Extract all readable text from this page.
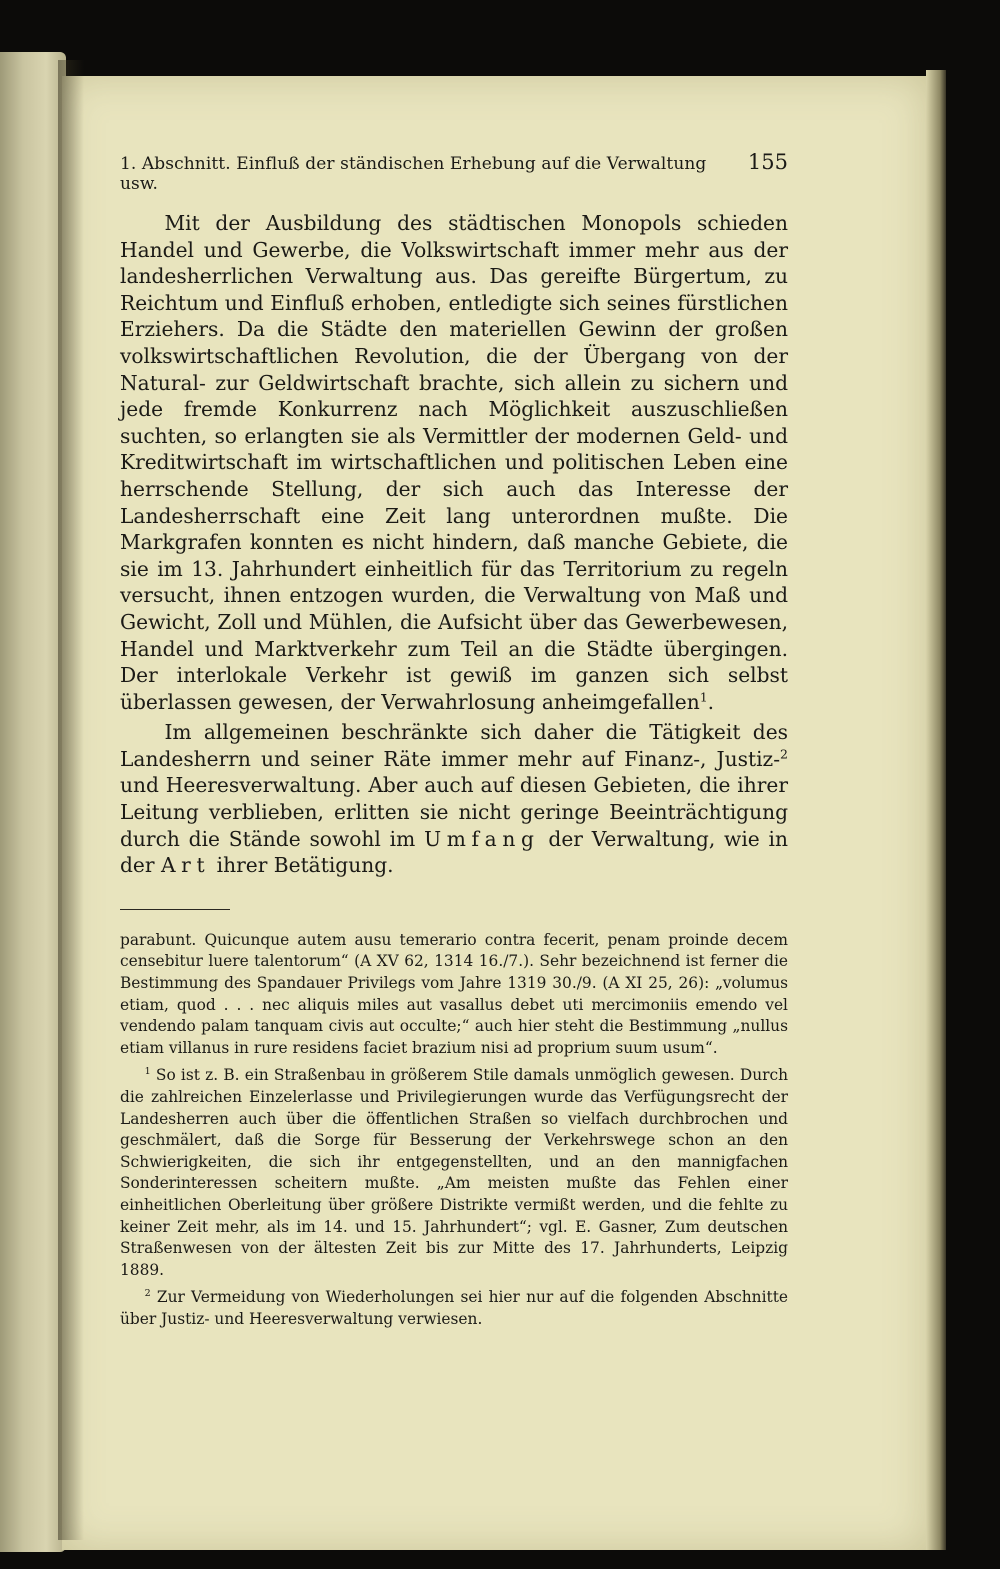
1. Abschnitt. Einfluß der ständischen Erhebung auf die Verwaltung usw.
155

Mit der Ausbildung des städtischen Monopols schieden Handel und Gewerbe, die Volkswirtschaft immer mehr aus der landesherrlichen Verwaltung aus. Das gereifte Bürgertum, zu Reichtum und Einfluß erhoben, entledigte sich seines fürstlichen Erziehers. Da die Städte den materiellen Gewinn der großen volkswirtschaftlichen Revolution, die der Übergang von der Natural- zur Geldwirtschaft brachte, sich allein zu sichern und jede fremde Konkurrenz nach Möglichkeit auszuschließen suchten, so erlangten sie als Vermittler der modernen Geld- und Kreditwirtschaft im wirtschaftlichen und politischen Leben eine herrschende Stellung, der sich auch das Interesse der Landesherrschaft eine Zeit lang unterordnen mußte. Die Markgrafen konnten es nicht hindern, daß manche Gebiete, die sie im 13. Jahrhundert einheitlich für das Territorium zu regeln versucht, ihnen entzogen wurden, die Verwaltung von Maß und Gewicht, Zoll und Mühlen, die Aufsicht über das Gewerbewesen, Handel und Marktverkehr zum Teil an die Städte übergingen. Der interlokale Verkehr ist gewiß im ganzen sich selbst überlassen gewesen, der Verwahrlosung anheimgefallen$^1$.

Im allgemeinen beschränkte sich daher die Tätigkeit des Landesherrn und seiner Räte immer mehr auf Finanz-, Justiz-$^2$ und Heeresverwaltung. Aber auch auf diesen Gebieten, die ihrer Leitung verblieben, erlitten sie nicht geringe Beeinträchtigung durch die Stände sowohl im Umfang der Verwaltung, wie in der Art ihrer Betätigung.

parabunt. Quicunque autem ausu temerario contra fecerit, penam proinde decem censebitur luere talentorum“ (A XV 62, 1314 16./7.). Sehr bezeichnend ist ferner die Bestimmung des Spandauer Privilegs vom Jahre 1319 30./9. (A XI 25, 26): „volumus etiam, quod . . . nec aliquis miles aut vasallus debet uti mercimoniis emendo vel vendendo palam tanquam civis aut occulte;“ auch hier steht die Bestimmung „nullus etiam villanus in rure residens faciet brazium nisi ad proprium suum usum“.

$^1$ So ist z. B. ein Straßenbau in größerem Stile damals unmöglich gewesen. Durch die zahlreichen Einzelerlasse und Privilegierungen wurde das Verfügungsrecht der Landesherren auch über die öffentlichen Straßen so vielfach durchbrochen und geschmälert, daß die Sorge für Besserung der Verkehrswege schon an den Schwierigkeiten, die sich ihr entgegenstellten, und an den mannigfachen Sonderinteressen scheitern mußte. „Am meisten mußte das Fehlen einer einheitlichen Oberleitung über größere Distrikte vermißt werden, und die fehlte zu keiner Zeit mehr, als im 14. und 15. Jahrhundert“; vgl. E. Gasner, Zum deutschen Straßenwesen von der ältesten Zeit bis zur Mitte des 17. Jahrhunderts, Leipzig 1889.

$^2$ Zur Vermeidung von Wiederholungen sei hier nur auf die folgenden Abschnitte über Justiz- und Heeresverwaltung verwiesen.
